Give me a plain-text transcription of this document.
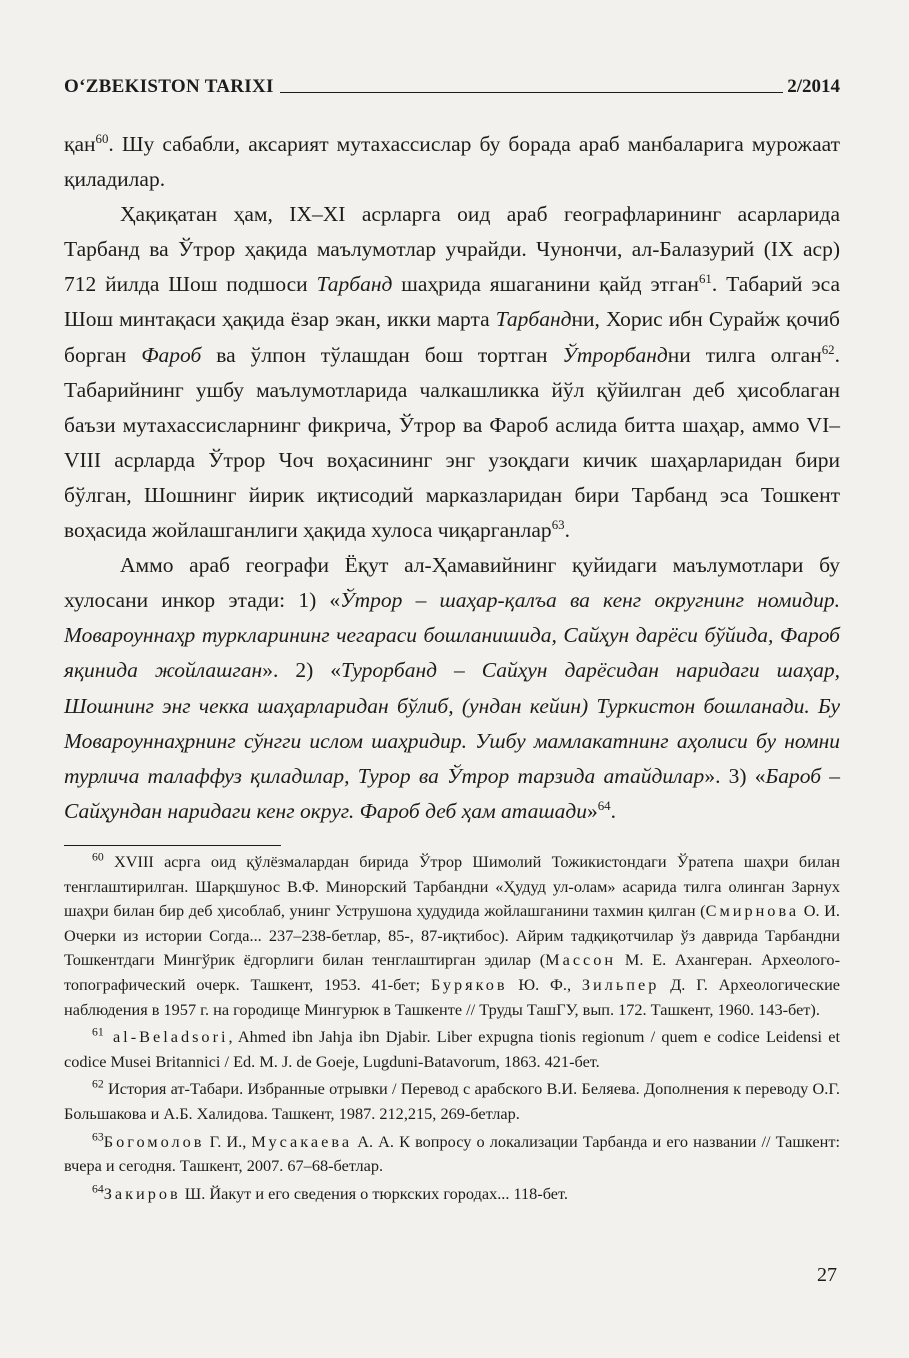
O‘ZBEKISTON TARIXI	2/2014

қан$^{60}$. Шу сабабли, аксарият мутахассислар бу борада араб манбаларига мурожаат қиладилар.

Ҳақиқатан ҳам, IX–XI асрларга оид араб географларининг асарларида Тарбанд ва Ўтрор ҳақида маълумотлар учрайди. Чунончи, ал-Балазурий (IX аср) 712 йилда Шош подшоси Тарбанд шаҳрида яшаганини қайд этган$^{61}$. Табарий эса Шош минтақаси ҳақида ёзар экан, икки марта Тарбандни, Хорис ибн Сурайж қочиб борган Фароб ва ўлпон тўлашдан бош тортган Ўтрорбандни тилга олган$^{62}$. Табарийнинг ушбу маълумотларида чалкашликка йўл қўйилган деб ҳисоблаган баъзи мутахассисларнинг фикрича, Ўтрор ва Фароб аслида битта шаҳар, аммо VI–VIII асрларда Ўтрор Чоч воҳасининг энг узоқдаги кичик шаҳарларидан бири бўлган, Шошнинг йирик иқтисодий марказларидан бири Тарбанд эса Тошкент воҳасида жойлашганлиги ҳақида хулоса чиқарганлар$^{63}$.

Аммо араб географи Ёқут ал-Ҳамавийнинг қуйидаги маълумотлари бу хулосани инкор этади: 1) «Ўтрор – шаҳар-қалъа ва кенг округнинг номидир. Мовароуннаҳр туркларининг чегараси бошланишида, Сайҳун дарёси бўйида, Фароб яқинида жойлашган». 2) «Турорбанд – Сайҳун дарёсидан наридаги шаҳар, Шошнинг энг чекка шаҳарларидан бўлиб, (ундан кейин) Туркистон бошланади. Бу Мовароуннаҳрнинг сўнгги ислом шаҳридир. Ушбу мамлакатнинг аҳолиси бу номни турлича талаффуз қиладилар, Турор ва Ўтрор тарзида атайдилар». 3) «Бароб – Сайҳундан наридаги кенг округ. Фароб деб ҳам аташади»$^{64}$.

$^{60}$ XVIII асрга оид қўлёзмалардан бирида Ўтрор Шимолий Тожикистондаги Ўратепа шаҳри билан тенглаштирилган. Шарқшунос В.Ф. Минорский Тарбандни «Ҳудуд ул-олам» асарида тилга олинган Зарнух шаҳри билан бир деб ҳисоблаб, унинг Уструшона ҳудудида жойлашганини тахмин қилган (Смирнова О. И. Очерки из истории Согда... 237–238-бетлар, 85-, 87-иқтибос). Айрим тадқиқотчилар ўз даврида Тарбандни Тошкентдаги Мингўрик ёдгорлиги билан тенглаштирган эдилар (Массон М. Е. Ахангеран. Археолого-топографический очерк. Ташкент, 1953. 41-бет; Буряков Ю. Ф., Зильпер Д. Г. Археологические наблюдения в 1957 г. на городище Мингурюк в Ташкенте // Труды ТашГУ, вып. 172. Ташкент, 1960. 143-бет).

$^{61}$ al-Beladsori, Ahmed ibn Jahja ibn Djabir. Liber expugna tionis regionum / quem e codice Leidensi et codice Musei Britannici / Ed. M. J. de Goeje, Lugduni-Batavorum, 1863. 421-бет.

$^{62}$ История ат-Табари. Избранные отрывки / Перевод с арабского В.И. Беляева. Дополнения к переводу О.Г. Большакова и А.Б. Халидова. Ташкент, 1987. 212,215, 269-бетлар.

$^{63}$Богомолов Г. И., Мусакаева А. А. К вопросу о локализации Тарбанда и его названии // Ташкент: вчера и сегодня. Ташкент, 2007. 67–68-бетлар.

$^{64}$Закиров Ш. Йакут и его сведения о тюркских городах... 118-бет.

27
